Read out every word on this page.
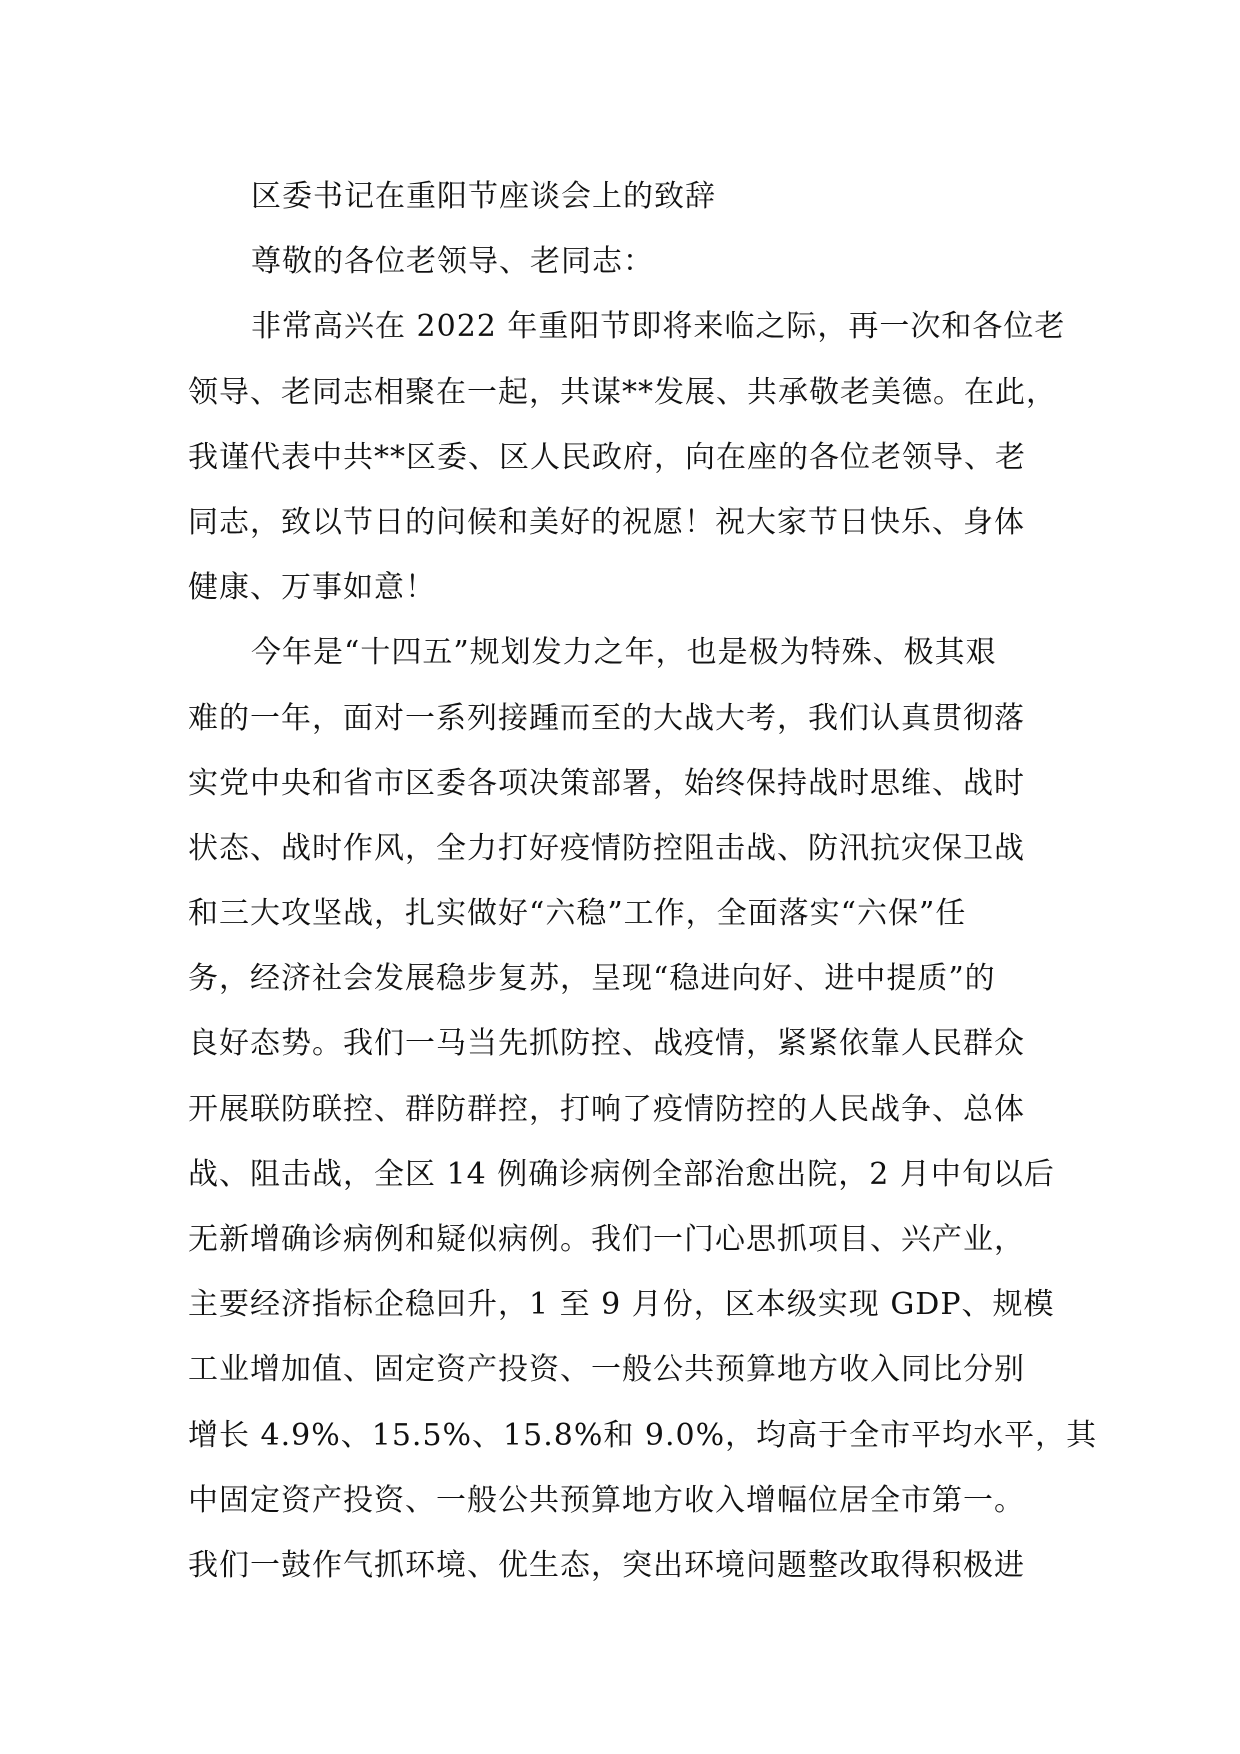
区委书记在重阳节座谈会上的致辞
尊敬的各位老领导、老同志：
非常高兴在 2022 年重阳节即将来临之际，再一次和各位老
领导、老同志相聚在一起，共谋**发展、共承敬老美德。在此，
我谨代表中共**区委、区人民政府，向在座的各位老领导、老
同志，致以节日的问候和美好的祝愿！祝大家节日快乐、身体
健康、万事如意！
今年是“十四五”规划发力之年，也是极为特殊、极其艰
难的一年，面对一系列接踵而至的大战大考，我们认真贯彻落
实党中央和省市区委各项决策部署，始终保持战时思维、战时
状态、战时作风，全力打好疫情防控阻击战、防汛抗灾保卫战
和三大攻坚战，扎实做好“六稳”工作，全面落实“六保”任
务，经济社会发展稳步复苏，呈现“稳进向好、进中提质”的
良好态势。我们一马当先抓防控、战疫情，紧紧依靠人民群众
开展联防联控、群防群控，打响了疫情防控的人民战争、总体
战、阻击战，全区 14 例确诊病例全部治愈出院，2 月中旬以后
无新增确诊病例和疑似病例。我们一门心思抓项目、兴产业，
主要经济指标企稳回升，1 至 9 月份，区本级实现 GDP、规模
工业增加值、固定资产投资、一般公共预算地方收入同比分别
增长 4.9%、15.5%、15.8%和 9.0%，均高于全市平均水平，其
中固定资产投资、一般公共预算地方收入增幅位居全市第一。
我们一鼓作气抓环境、优生态，突出环境问题整改取得积极进
